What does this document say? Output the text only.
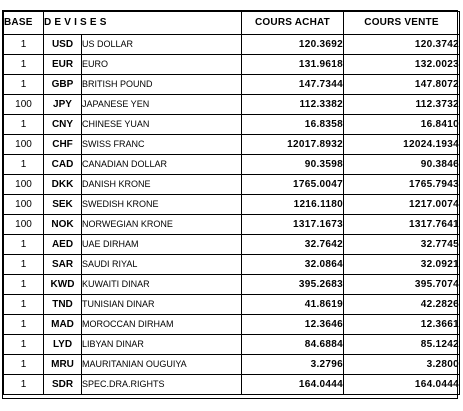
BASE	D E V I S E S		COURS ACHAT	COURS VENTE
1	USD	US DOLLAR	120.3692	120.3742
1	EUR	EURO	131.9618	132.0023
1	GBP	BRITISH POUND	147.7344	147.8072
100	JPY	JAPANESE YEN	112.3382	112.3732
1	CNY	CHINESE YUAN	16.8358	16.8410
100	CHF	SWISS FRANC	12017.8932	12024.1934
1	CAD	CANADIAN DOLLAR	90.3598	90.3846
100	DKK	DANISH KRONE	1765.0047	1765.7943
100	SEK	SWEDISH KRONE	1216.1180	1217.0074
100	NOK	NORWEGIAN KRONE	1317.1673	1317.7641
1	AED	UAE DIRHAM	32.7642	32.7745
1	SAR	SAUDI RIYAL	32.0864	32.0921
1	KWD	KUWAITI DINAR	395.2683	395.7074
1	TND	TUNISIAN DINAR	41.8619	42.2826
1	MAD	MOROCCAN DIRHAM	12.3646	12.3661
1	LYD	LIBYAN DINAR	84.6884	85.1242
1	MRU	MAURITANIAN OUGUIYA	3.2796	3.2800
1	SDR	SPEC.DRA.RIGHTS	164.0444	164.0444
